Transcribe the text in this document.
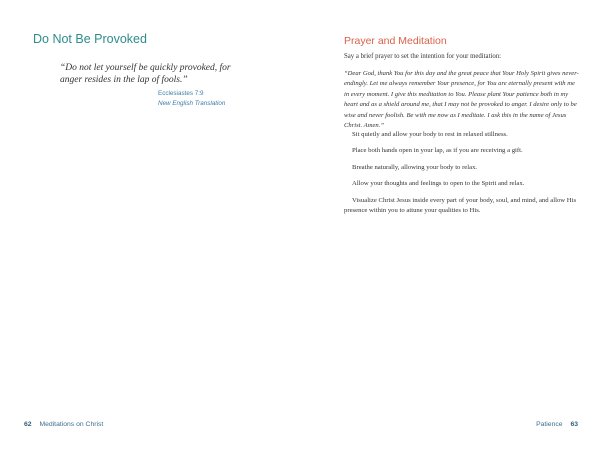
Do Not Be Provoked

“Do not let yourself be quickly provoked, for anger resides in the lap of fools.”

Ecclesiastes 7:9
New English Translation
62 Meditations on Christ
Prayer and Meditation

Say a brief prayer to set the intention for your meditation:

“Dear God, thank You for this day and the great peace that Your Holy Spirit gives never-endingly. Let me always remember Your presence, for You are eternally present with me in every moment. I give this meditation to You. Please plant Your patience both in my heart and as a shield around me, that I may not be provoked to anger. I desire only to be wise and never foolish. Be with me now as I meditate. I ask this in the name of Jesus Christ. Amen.”

Sit quietly and allow your body to rest in relaxed stillness.

Place both hands open in your lap, as if you are receiving a gift.

Breathe naturally, allowing your body to relax.

Allow your thoughts and feelings to open to the Spirit and relax.

Visualize Christ Jesus inside every part of your body, soul, and mind, and allow His presence within you to attune your qualities to His.

Patience 63
